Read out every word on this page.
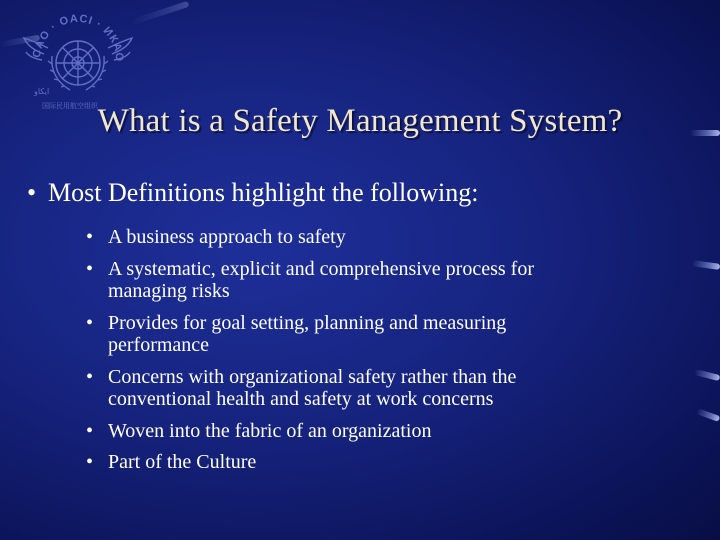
CAO · OACI · ИКАО
ايكاو
国际民用航空组织 What is a Safety Management System?
• Most Definitions highlight the following:
• A business approach to safety
• A systematic, explicit and comprehensive process for
managing risks
• Provides for goal setting, planning and measuring
performance
• Concerns with organizational safety rather than the
conventional health and safety at work concerns
• Woven into the fabric of an organization
• Part of the Culture
